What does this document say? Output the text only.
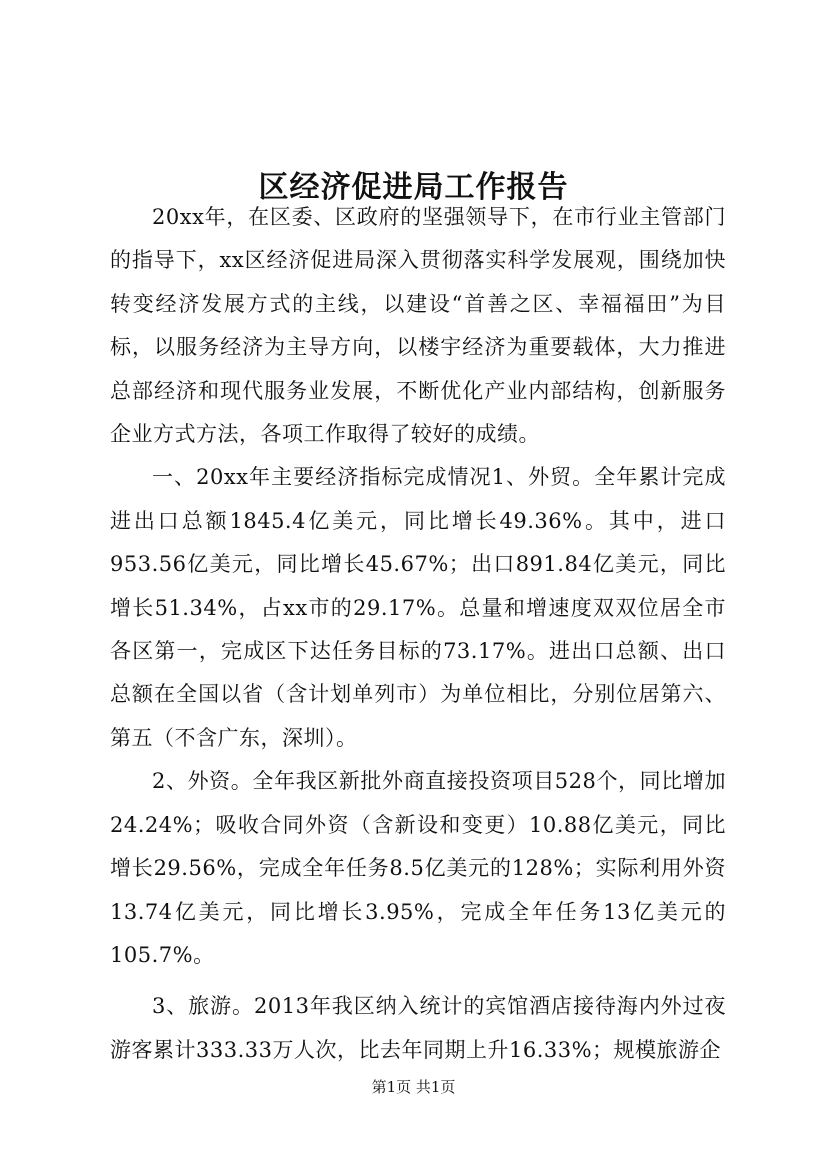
区经济促进局工作报告

20xx年，在区委、区政府的坚强领导下，在市行业主管部门的指导下，xx区经济促进局深入贯彻落实科学发展观，围绕加快转变经济发展方式的主线，以建设“首善之区、幸福福田”为目标，以服务经济为主导方向，以楼宇经济为重要载体，大力推进总部经济和现代服务业发展，不断优化产业内部结构，创新服务企业方式方法，各项工作取得了较好的成绩。

一、20xx年主要经济指标完成情况1、外贸。全年累计完成进出口总额1845.4亿美元，同比增长49.36%。其中，进口953.56亿美元，同比增长45.67%；出口891.84亿美元，同比增长51.34%，占xx市的29.17%。总量和增速度双双位居全市各区第一，完成区下达任务目标的73.17%。进出口总额、出口总额在全国以省（含计划单列市）为单位相比，分别位居第六、第五（不含广东，深圳）。

2、外资。全年我区新批外商直接投资项目528个，同比增加24.24%；吸收合同外资（含新设和变更）10.88亿美元，同比增长29.56%，完成全年任务8.5亿美元的128%；实际利用外资13.74亿美元，同比增长3.95%，完成全年任务13亿美元的105.7%。

3、旅游。2013年我区纳入统计的宾馆酒店接待海内外过夜游客累计333.33万人次，比去年同期上升16.33%；规模旅游企

第1页 共1页
